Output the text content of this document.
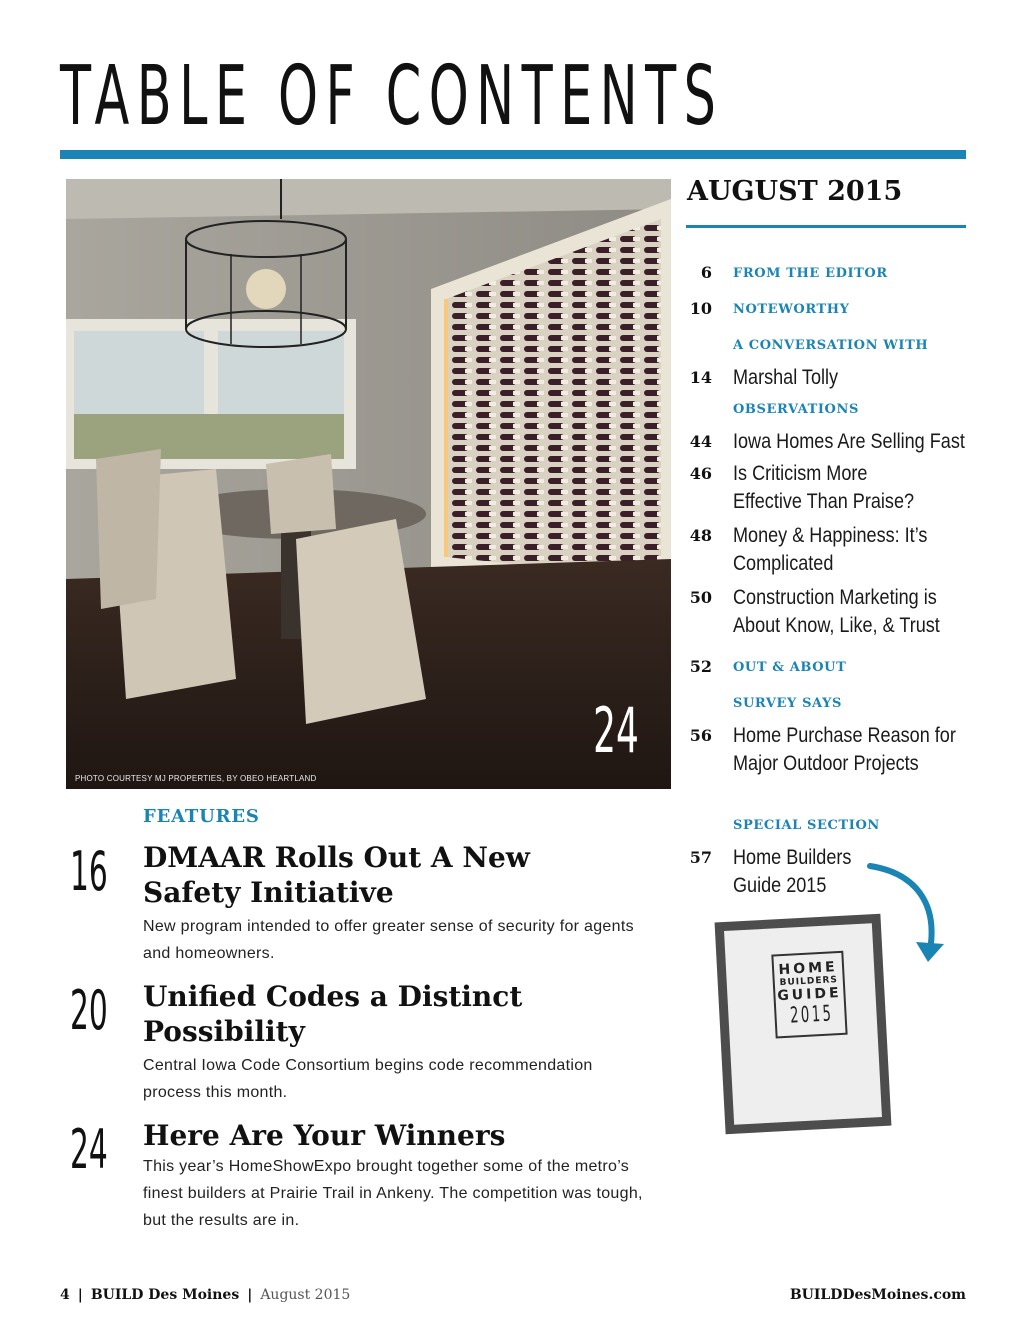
TABLE OF CONTENTS
24
PHOTO COURTESY MJ PROPERTIES, BY OBEO HEARTLAND
AUGUST 2015
6 FROM THE EDITOR
10 NOTEWORTHY
A CONVERSATION WITH
14 Marshal Tolly
OBSERVATIONS
44 Iowa Homes Are Selling Fast
46 Is Criticism More Effective Than Praise?
48 Money & Happiness: It’s Complicated
50 Construction Marketing is About Know, Like, & Trust
52 OUT & ABOUT
SURVEY SAYS
56 Home Purchase Reason for Major Outdoor Projects
SPECIAL SECTION
57 Home Builders Guide 2015
HOME
BUILDERS
GUIDE
2015
FEATURES
16 DMAAR Rolls Out A New Safety Initiative
New program intended to offer greater sense of security for agents and homeowners.
20 Unified Codes a Distinct Possibility
Central Iowa Code Consortium begins code recommendation process this month.
24 Here Are Your Winners
This year’s HomeShowExpo brought together some of the metro’s finest builders at Prairie Trail in Ankeny. The competition was tough, but the results are in.
4 | BUILD Des Moines | August 2015	BUILDDesMoines.com
